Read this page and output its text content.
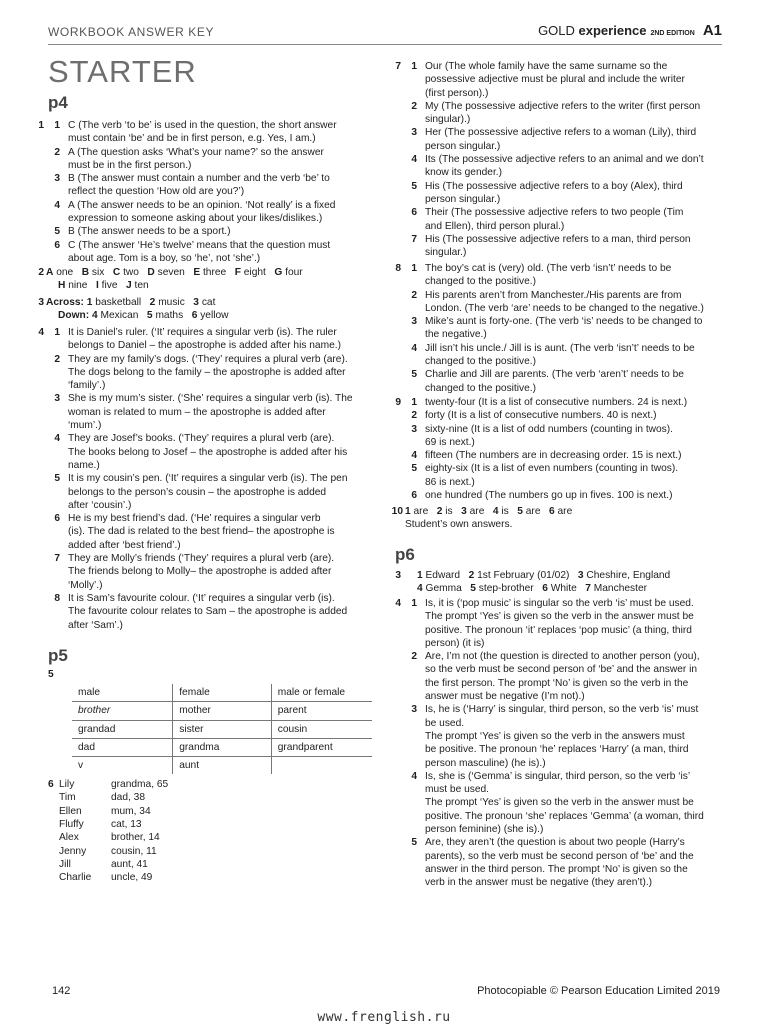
WORKBOOK ANSWER KEY	GOLD experience 2ND EDITION A1
STARTER
p4
1	1 C (The verb ‘to be’ is used in the question, the short answer
must contain ‘be’ and be in first person, e.g. Yes, I am.)
2 A (The question asks ‘What’s your name?’ so the answer
must be in the first person.)
3 B (The answer must contain a number and the verb ‘be’ to
reflect the question ‘How old are you?’)
4 A (The answer needs to be an opinion. ‘Not really’ is a fixed
expression to someone asking about your likes/dislikes.)
5 B (The answer needs to be a sport.)
6 C (The answer ‘He’s twelve’ means that the question must
about age. Tom is a boy, so ‘he’, not ‘she’.)
2 A one B six C two D seven E three F eight G four
H nine I five J ten
3 Across: 1 basketball 2 music 3 cat
Down: 4 Mexican 5 maths 6 yellow
4	1 It is Daniel’s ruler. (‘It’ requires a singular verb (is). The ruler
belongs to Daniel – the apostrophe is added after his name.)
2 They are my family’s dogs. (‘They’ requires a plural verb (are).
The dogs belong to the family – the apostrophe is added after
‘family’.)
3 She is my mum’s sister. (‘She’ requires a singular verb (is). The
woman is related to mum – the apostrophe is added after
‘mum’.)
4 They are Josef’s books. (‘They’ requires a plural verb (are).
The books belong to Josef – the apostrophe is added after his
name.)
5 It is my cousin’s pen. (‘It’ requires a singular verb (is). The pen
belongs to the person’s cousin – the apostrophe is added
after ‘cousin’.)
6 He is my best friend’s dad. (‘He’ requires a singular verb
(is). The dad is related to the best friend– the apostrophe is
added after ‘best friend’.)
7 They are Molly’s friends (‘They’ requires a plural verb (are).
The friends belong to Molly– the apostrophe is added after
‘Molly’.)
8 It is Sam’s favourite colour. (‘It’ requires a singular verb (is).
The favourite colour relates to Sam – the apostrophe is added
after ‘Sam’.)
p5
5
male	female	male or female
brother	mother	parent
grandad	sister	cousin
dad	grandma	grandparent
v	aunt	
6 Lily	grandma, 65
Tim	dad, 38
Ellen	mum, 34
Fluffy	cat, 13
Alex	brother, 14
Jenny cousin, 11
Jill	aunt, 41
Charlie uncle, 49
7	1 Our (The whole family have the same surname so the
possessive adjective must be plural and include the writer
(first person).)
2 My (The possessive adjective refers to the writer (first person
singular).)
3 Her (The possessive adjective refers to a woman (Lily), third
person singular.)
4 Its (The possessive adjective refers to an animal and we don’t
know its gender.)
5 His (The possessive adjective refers to a boy (Alex), third
person singular.)
6 Their (The possessive adjective refers to two people (Tim
and Ellen), third person plural.)
7 His (The possessive adjective refers to a man, third person
singular.)
8	1 The boy’s cat is (very) old. (The verb ‘isn’t’ needs to be
changed to the positive.)
2 His parents aren’t from Manchester./His parents are from
London. (The verb ‘are’ needs to be changed to the negative.)
3 Mike’s aunt is forty-one. (The verb ‘is’ needs to be changed to
the negative.)
4 Jill isn’t his uncle./ Jill is is aunt. (The verb ‘isn’t’ needs to be
changed to the positive.)
5 Charlie and Jill are parents. (The verb ‘aren’t’ needs to be
changed to the positive.)
9	1 twenty-four (It is a list of consecutive numbers. 24 is next.)
2 forty (It is a list of consecutive numbers. 40 is next.)
3 sixty-nine (It is a list of odd numbers (counting in twos).
69 is next.)
4 fifteen (The numbers are in decreasing order. 15 is next.)
5 eighty-six (It is a list of even numbers (counting in twos).
86 is next.)
6 one hundred (The numbers go up in fives. 100 is next.)
10 1 are 2 is 3 are 4 is 5 are 6 are
Student’s own answers.
p6
3 1 Edward 2 1st February (01/02) 3 Cheshire, England
4 Gemma 5 step-brother 6 White 7 Manchester
4	1 Is, it is (‘pop music’ is singular so the verb ‘is’ must be used.
The prompt ‘Yes’ is given so the verb in the answer must be
positive. The pronoun ‘it’ replaces ‘pop music’ (a thing, third
person) (it is)
2 Are, I’m not (the question is directed to another person (you),
so the verb must be second person of ‘be’ and the answer in
the first person. The prompt ‘No’ is given so the verb in the
answer must be negative (I’m not).)
3 Is, he is (‘Harry’ is singular, third person, so the verb ‘is’ must
be used.
The prompt ‘Yes’ is given so the verb in the answers must
be positive. The pronoun ‘he’ replaces ‘Harry’ (a man, third
person masculine) (he is).)
4 Is, she is (‘Gemma’ is singular, third person, so the verb ‘is’
must be used.
The prompt ‘Yes’ is given so the verb in the answer must be
positive. The pronoun ‘she’ replaces ‘Gemma’ (a woman, third
person feminine) (she is).)
5 Are, they aren’t (the question is about two people (Harry’s
parents), so the verb must be second person of ‘be’ and the
answer in the third person. The prompt ‘No’ is given so the
verb in the answer must be negative (they aren’t).)
142	Photocopiable © Pearson Education Limited 2019
www.frenglish.ru
